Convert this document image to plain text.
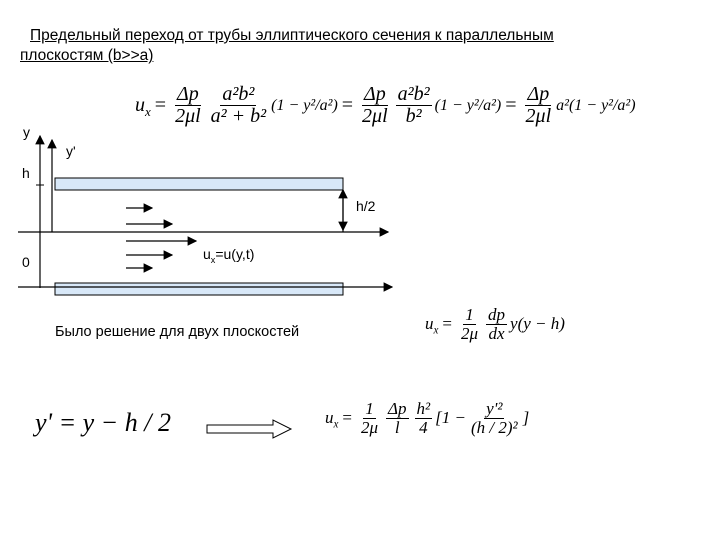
Предельный переход от трубы эллиптического сечения к параллельным
плоскостям (b>>a)
$u_x = \frac{\Delta p}{2\mu l} \frac{\text{a²b²}}{\text{a² + b²}} (1 - y^2/a^2) = \frac{\Delta p}{2\mu l} \frac{\text{a²b²}}{\text{b²}} (1 - y^2/a^2) = \frac{\Delta p}{2\mu l} a^2(1 - y^2/a^2)$
y
y'
h
0
h/2
$u_x=u(y,t)$
Было решение для двух плоскостей	$u_x = \frac{1}{2\mu} \frac{dp}{dx} y(y - h)$
y' = y − h / 2	$u_x = \frac{1}{2\mu} \frac{\Delta p}{l} \frac{\text{h²}}{4} [1 - \frac{\text{y'²}}{\text{(h / 2)²}}$ ]
